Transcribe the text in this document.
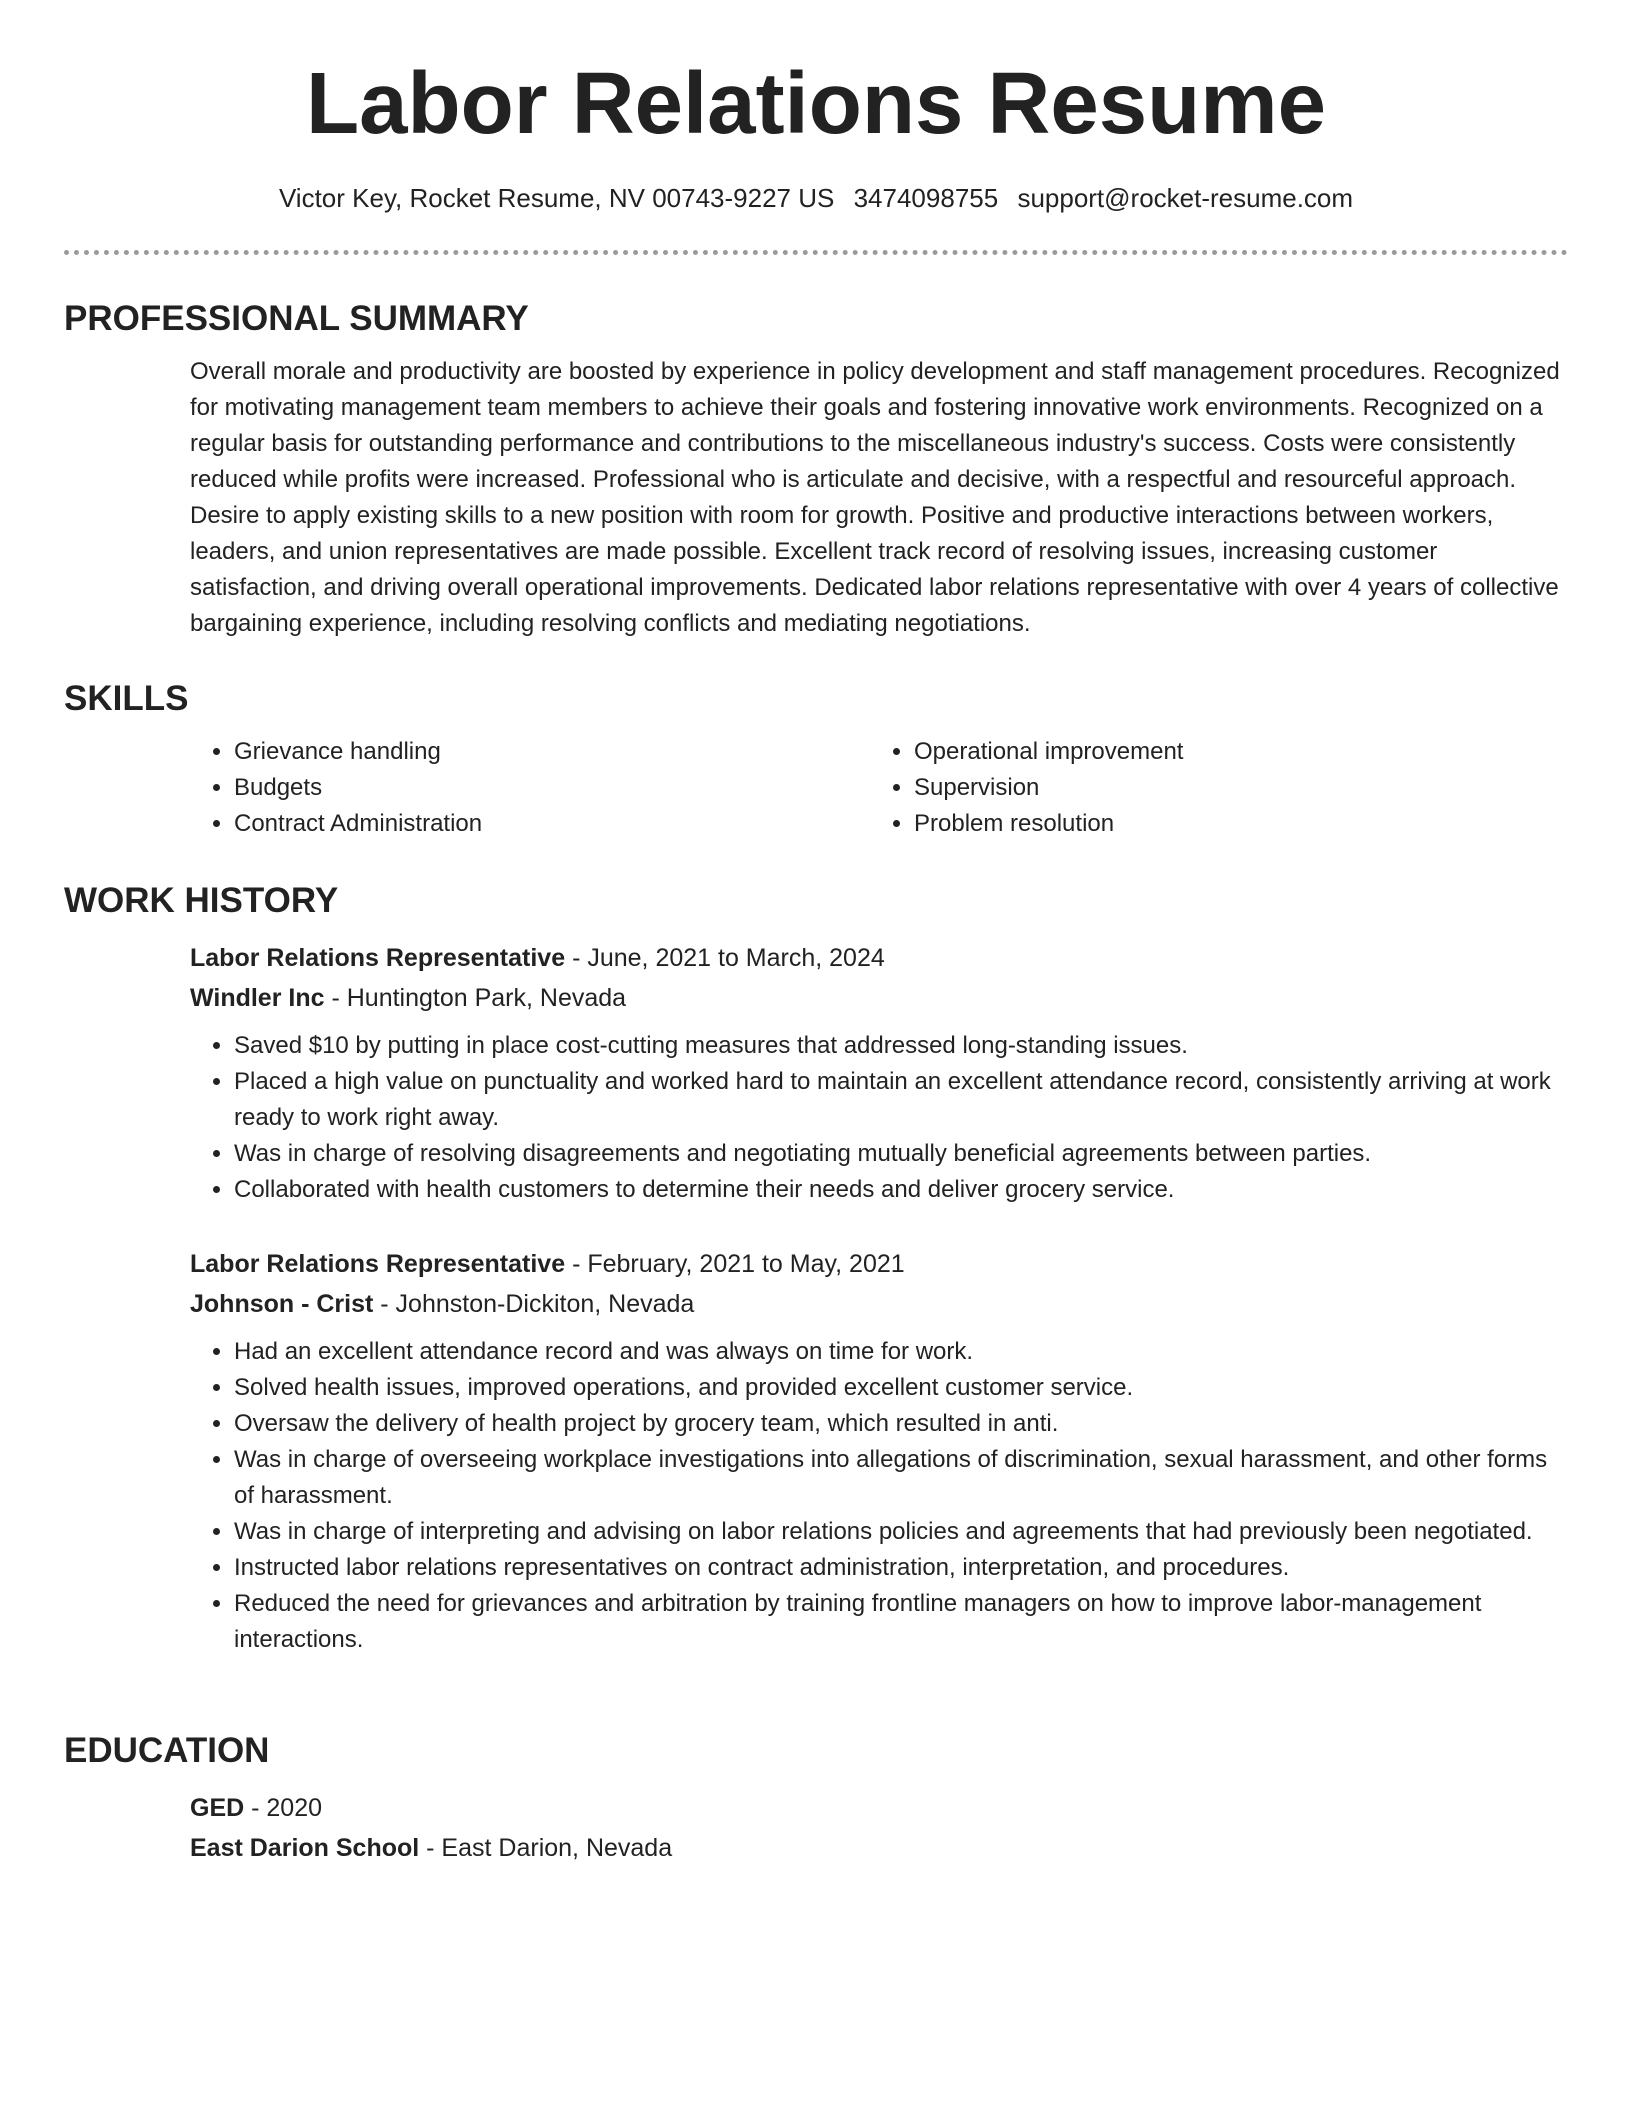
Labor Relations Resume
Victor Key, Rocket Resume, NV 00743-9227 US 3474098755 support@rocket-resume.com
PROFESSIONAL SUMMARY
Overall morale and productivity are boosted by experience in policy development and staff management procedures. Recognized for motivating management team members to achieve their goals and fostering innovative work environments. Recognized on a regular basis for outstanding performance and contributions to the miscellaneous industry's success. Costs were consistently reduced while profits were increased. Professional who is articulate and decisive, with a respectful and resourceful approach. Desire to apply existing skills to a new position with room for growth. Positive and productive interactions between workers, leaders, and union representatives are made possible. Excellent track record of resolving issues, increasing customer satisfaction, and driving overall operational improvements. Dedicated labor relations representative with over 4 years of collective bargaining experience, including resolving conflicts and mediating negotiations.
SKILLS
• Grievance handling
• Budgets
• Contract Administration
• Operational improvement
• Supervision
• Problem resolution
WORK HISTORY
Labor Relations Representative - June, 2021 to March, 2024
Windler Inc - Huntington Park, Nevada
• Saved $10 by putting in place cost-cutting measures that addressed long-standing issues.
• Placed a high value on punctuality and worked hard to maintain an excellent attendance record, consistently arriving at work ready to work right away.
• Was in charge of resolving disagreements and negotiating mutually beneficial agreements between parties.
• Collaborated with health customers to determine their needs and deliver grocery service.
Labor Relations Representative - February, 2021 to May, 2021
Johnson - Crist - Johnston-Dickiton, Nevada
• Had an excellent attendance record and was always on time for work.
• Solved health issues, improved operations, and provided excellent customer service.
• Oversaw the delivery of health project by grocery team, which resulted in anti.
• Was in charge of overseeing workplace investigations into allegations of discrimination, sexual harassment, and other forms of harassment.
• Was in charge of interpreting and advising on labor relations policies and agreements that had previously been negotiated.
• Instructed labor relations representatives on contract administration, interpretation, and procedures.
• Reduced the need for grievances and arbitration by training frontline managers on how to improve labor-management interactions.
EDUCATION
GED - 2020
East Darion School - East Darion, Nevada
